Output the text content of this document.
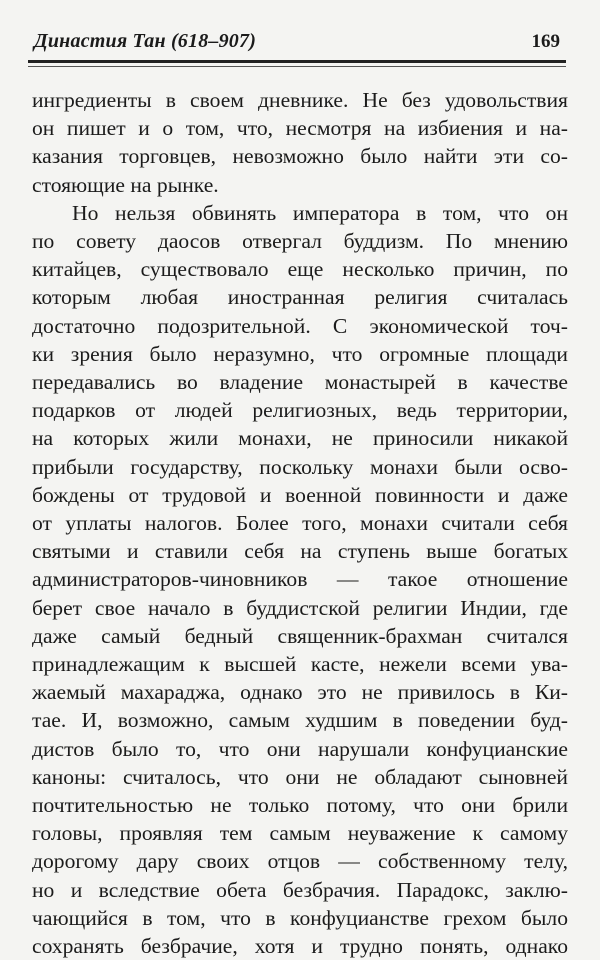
Династия Тан (618–907)	169
ингредиенты в своем дневнике. Не без удовольствия
он пишет и о том, что, несмотря на избиения и на-
казания торговцев, невозможно было найти эти со-
стояющие на рынке.
Но нельзя обвинять императора в том, что он
по совету даосов отвергал буддизм. По мнению
китайцев, существовало еще несколько причин, по
которым любая иностранная религия считалась
достаточно подозрительной. С экономической точ-
ки зрения было неразумно, что огромные площади
передавались во владение монастырей в качестве
подарков от людей религиозных, ведь территории,
на которых жили монахи, не приносили никакой
прибыли государству, поскольку монахи были осво-
бождены от трудовой и военной повинности и даже
от уплаты налогов. Более того, монахи считали себя
святыми и ставили себя на ступень выше богатых
администраторов-чиновников — такое отношение
берет свое начало в буддистской религии Индии, где
даже самый бедный священник-брахман считался
принадлежащим к высшей касте, нежели всеми ува-
жаемый махараджа, однако это не привилось в Ки-
тае. И, возможно, самым худшим в поведении буд-
дистов было то, что они нарушали конфуцианские
каноны: считалось, что они не обладают сыновней
почтительностью не только потому, что они брили
головы, проявляя тем самым неуважение к самому
дорогому дару своих отцов — собственному телу,
но и вследствие обета безбрачия. Парадокс, заклю-
чающийся в том, что в конфуцианстве грехом было
сохранять безбрачие, хотя и трудно понять, однако
